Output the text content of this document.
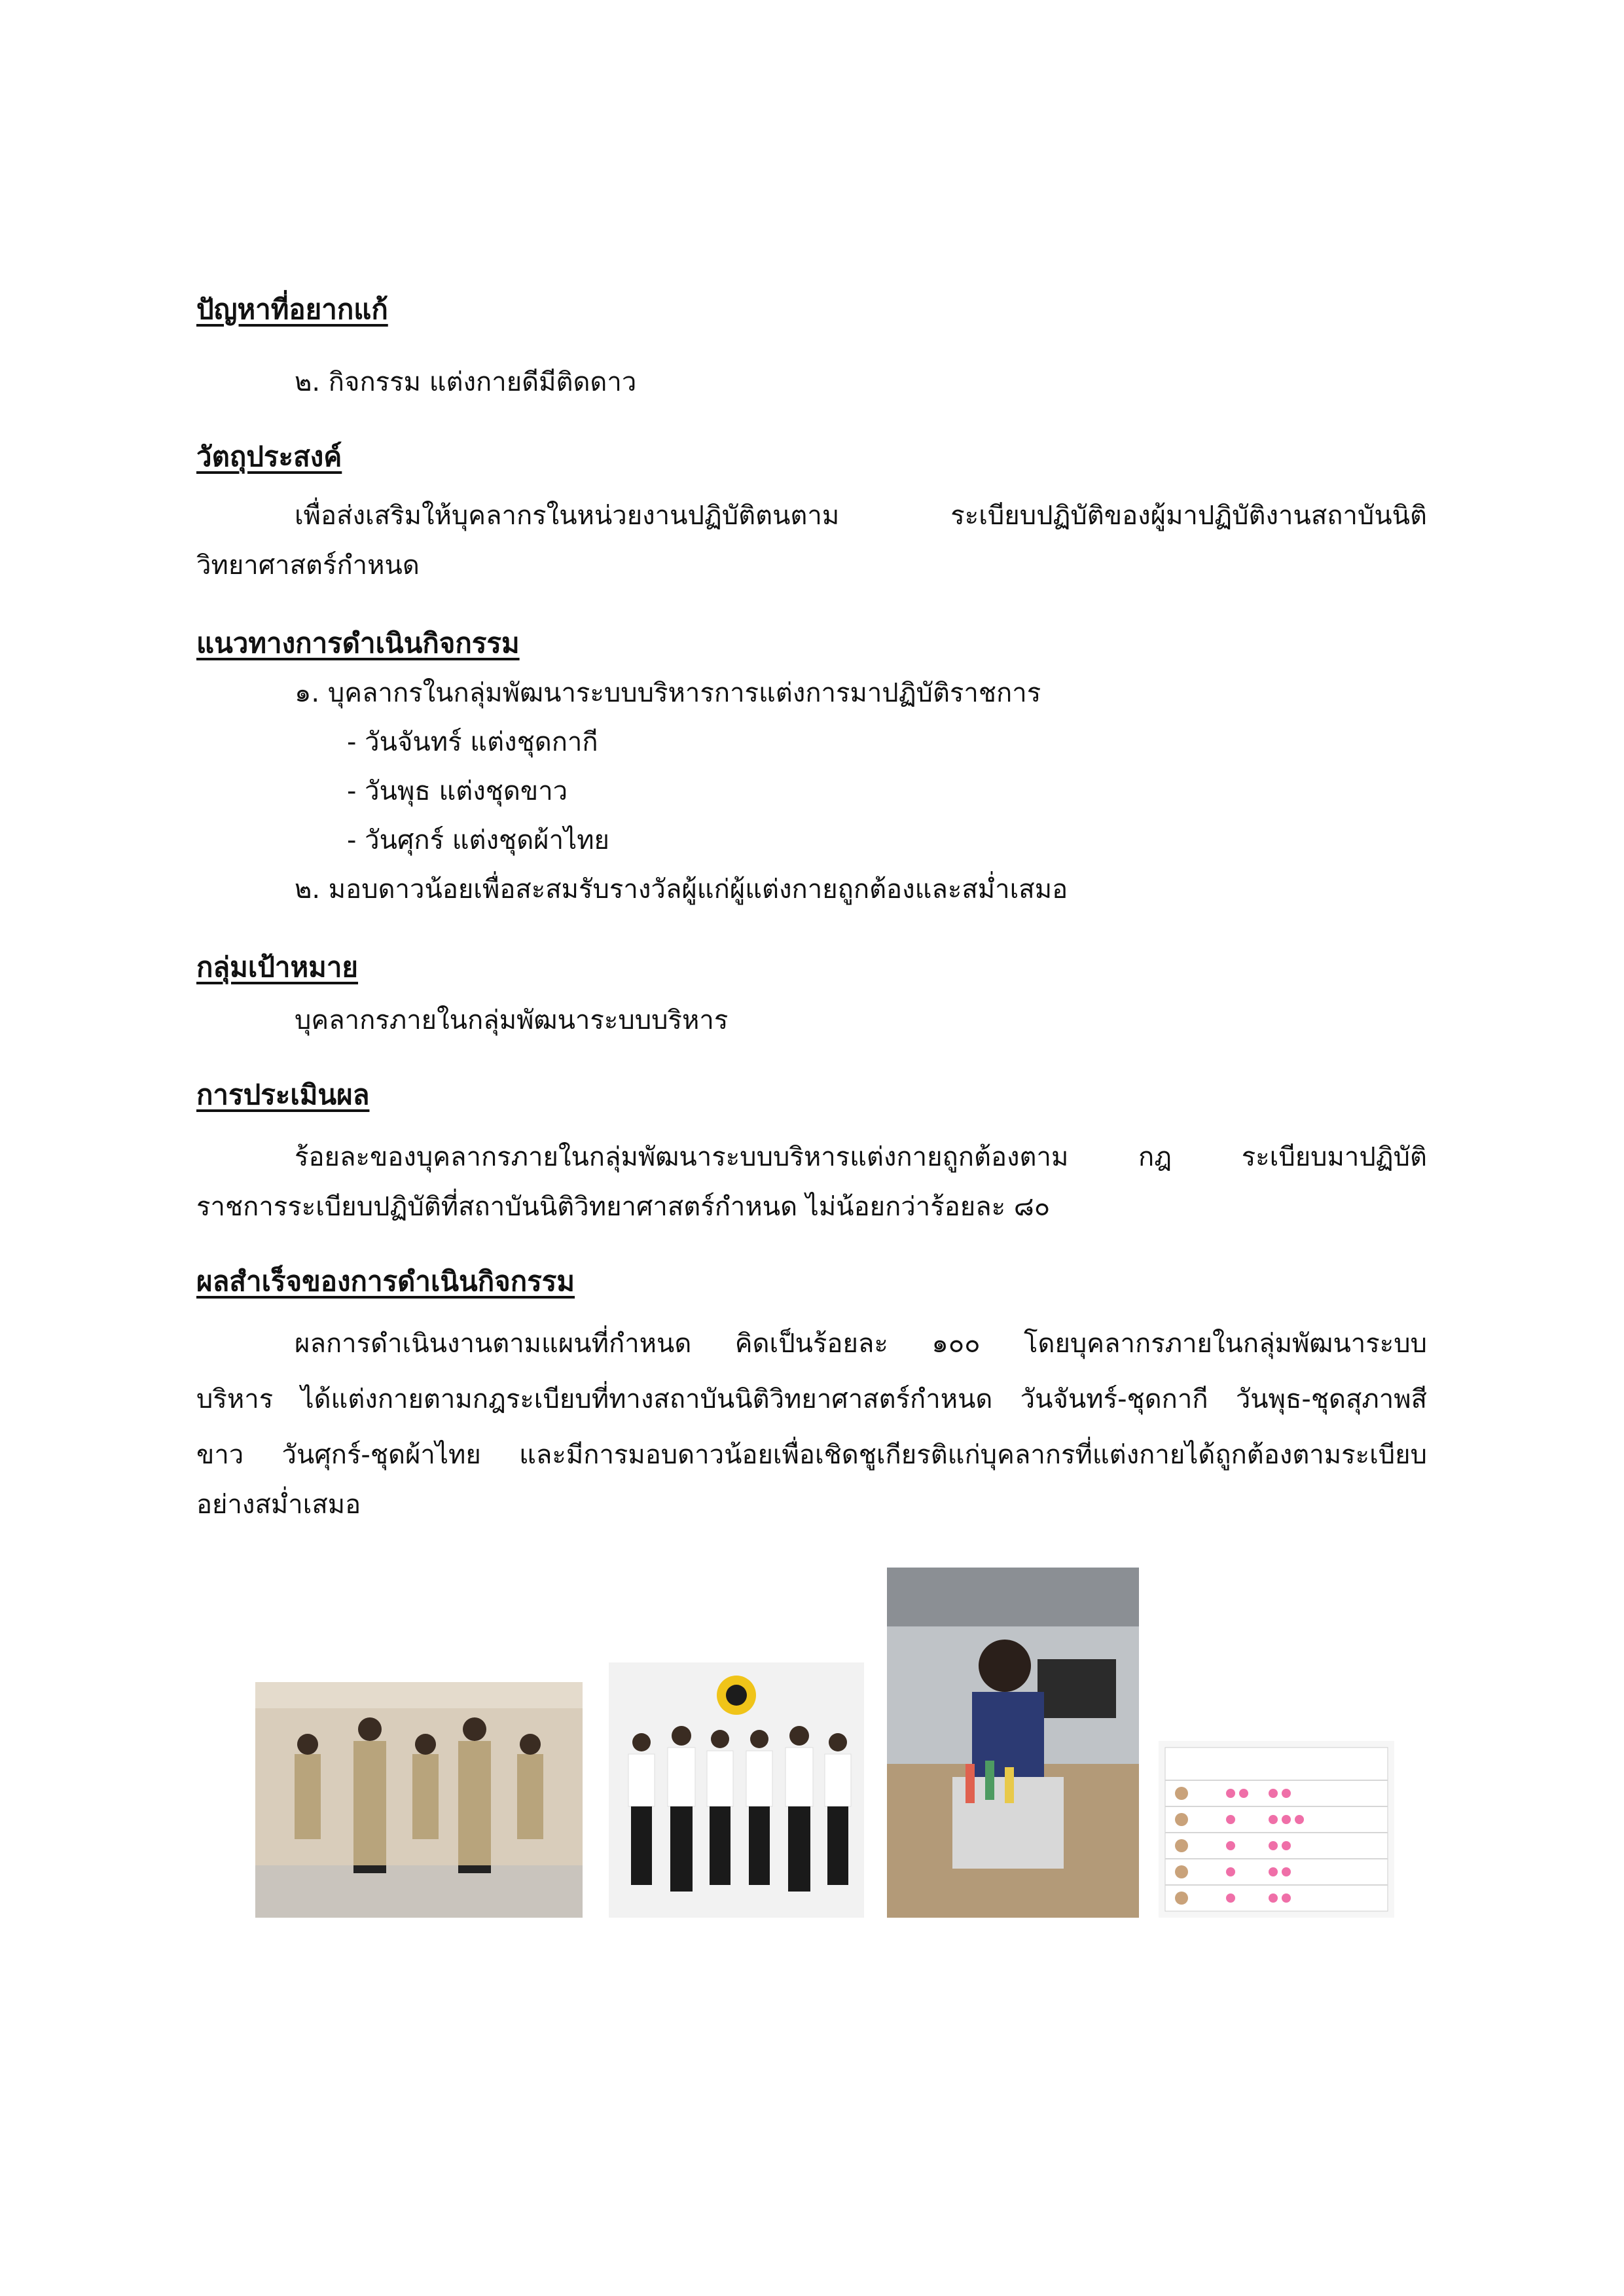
ปัญหาที่อยากแก้
๒. กิจกรรม แต่งกายดีมีติดดาว
วัตถุประสงค์
เพื่อส่งเสริมให้บุคลากรในหน่วยงานปฏิบัติตนตาม ระเบียบปฏิบัติของผู้มาปฏิบัติงานสถาบันนิติ
วิทยาศาสตร์กำหนด
แนวทางการดำเนินกิจกรรม
๑. บุคลากรในกลุ่มพัฒนาระบบบริหารการแต่งการมาปฏิบัติราชการ
- วันจันทร์ แต่งชุดกากี
- วันพุธ แต่งชุดขาว
- วันศุกร์ แต่งชุดผ้าไทย
๒. มอบดาวน้อยเพื่อสะสมรับรางวัลผู้แก่ผู้แต่งกายถูกต้องและสม่ำเสมอ
กลุ่มเป้าหมาย
บุคลากรภายในกลุ่มพัฒนาระบบบริหาร
การประเมินผล
ร้อยละของบุคลากรภายในกลุ่มพัฒนาระบบบริหารแต่งกายถูกต้องตาม กฎ ระเบียบมาปฏิบัติ
ราชการระเบียบปฏิบัติที่สถาบันนิติวิทยาศาสตร์กำหนด ไม่น้อยกว่าร้อยละ ๘๐
ผลสำเร็จของการดำเนินกิจกรรม
ผลการดำเนินงานตามแผนที่กำหนด คิดเป็นร้อยละ ๑๐๐ โดยบุคลากรภายในกลุ่มพัฒนาระบบ
บริหาร ได้แต่งกายตามกฎระเบียบที่ทางสถาบันนิติวิทยาศาสตร์กำหนด วันจันทร์-ชุดกากี วันพุธ-ชุดสุภาพสี
ขาว วันศุกร์-ชุดผ้าไทย และมีการมอบดาวน้อยเพื่อเชิดชูเกียรติแก่บุคลากรที่แต่งกายได้ถูกต้องตามระเบียบ
อย่างสม่ำเสมอ
